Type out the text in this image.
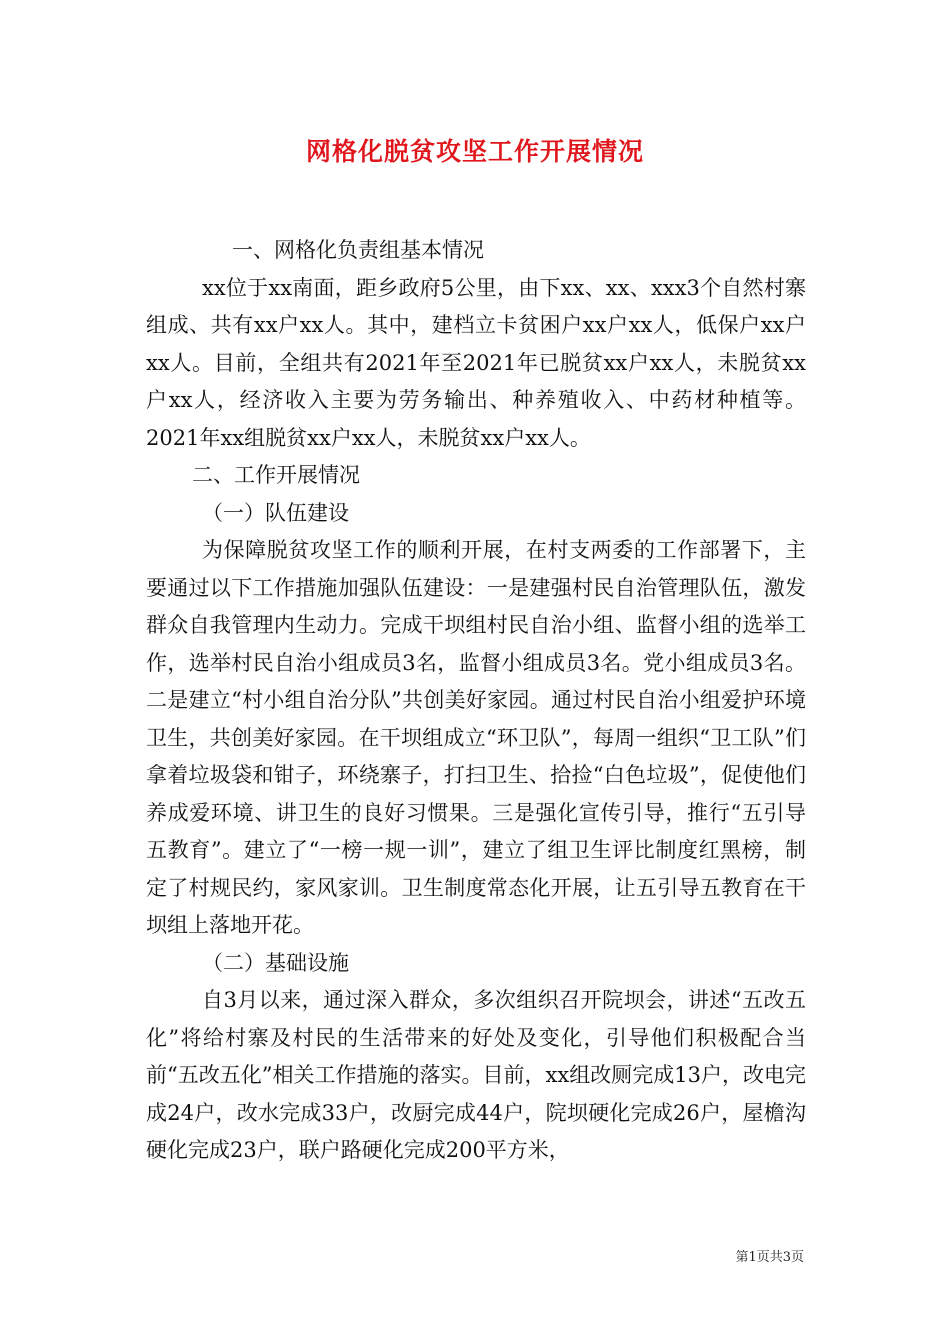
网格化脱贫攻坚工作开展情况

一、网格化负责组基本情况

xx位于xx南面，距乡政府5公里，由下xx、xx、xxx3个自然村寨组成、共有xx户xx人。其中，建档立卡贫困户xx户xx人，低保户xx户xx人。目前，全组共有2021年至2021年已脱贫xx户xx人，未脱贫xx户xx人，经济收入主要为劳务输出、种养殖收入、中药材种植等。2021年xx组脱贫xx户xx人，未脱贫xx户xx人。

二、工作开展情况

（一）队伍建设

为保障脱贫攻坚工作的顺利开展，在村支两委的工作部署下，主要通过以下工作措施加强队伍建设：一是建强村民自治管理队伍，激发群众自我管理内生动力。完成干坝组村民自治小组、监督小组的选举工作，选举村民自治小组成员3名，监督小组成员3名。党小组成员3名。二是建立“村小组自治分队”共创美好家园。通过村民自治小组爱护环境卫生，共创美好家园。在干坝组成立“环卫队”，每周一组织“卫工队”们拿着垃圾袋和钳子，环绕寨子，打扫卫生、拾捡“白色垃圾”，促使他们养成爱环境、讲卫生的良好习惯果。三是强化宣传引导，推行“五引导五教育”。建立了“一榜一规一训”，建立了组卫生评比制度红黑榜，制定了村规民约，家风家训。卫生制度常态化开展，让五引导五教育在干坝组上落地开花。

（二）基础设施

自3月以来，通过深入群众，多次组织召开院坝会，讲述“五改五化”将给村寨及村民的生活带来的好处及变化，引导他们积极配合当前“五改五化”相关工作措施的落实。目前，xx组改厕完成13户，改电完成24户，改水完成33户，改厨完成44户，院坝硬化完成26户，屋檐沟硬化完成23户，联户路硬化完成200平方米，

第1页共3页
